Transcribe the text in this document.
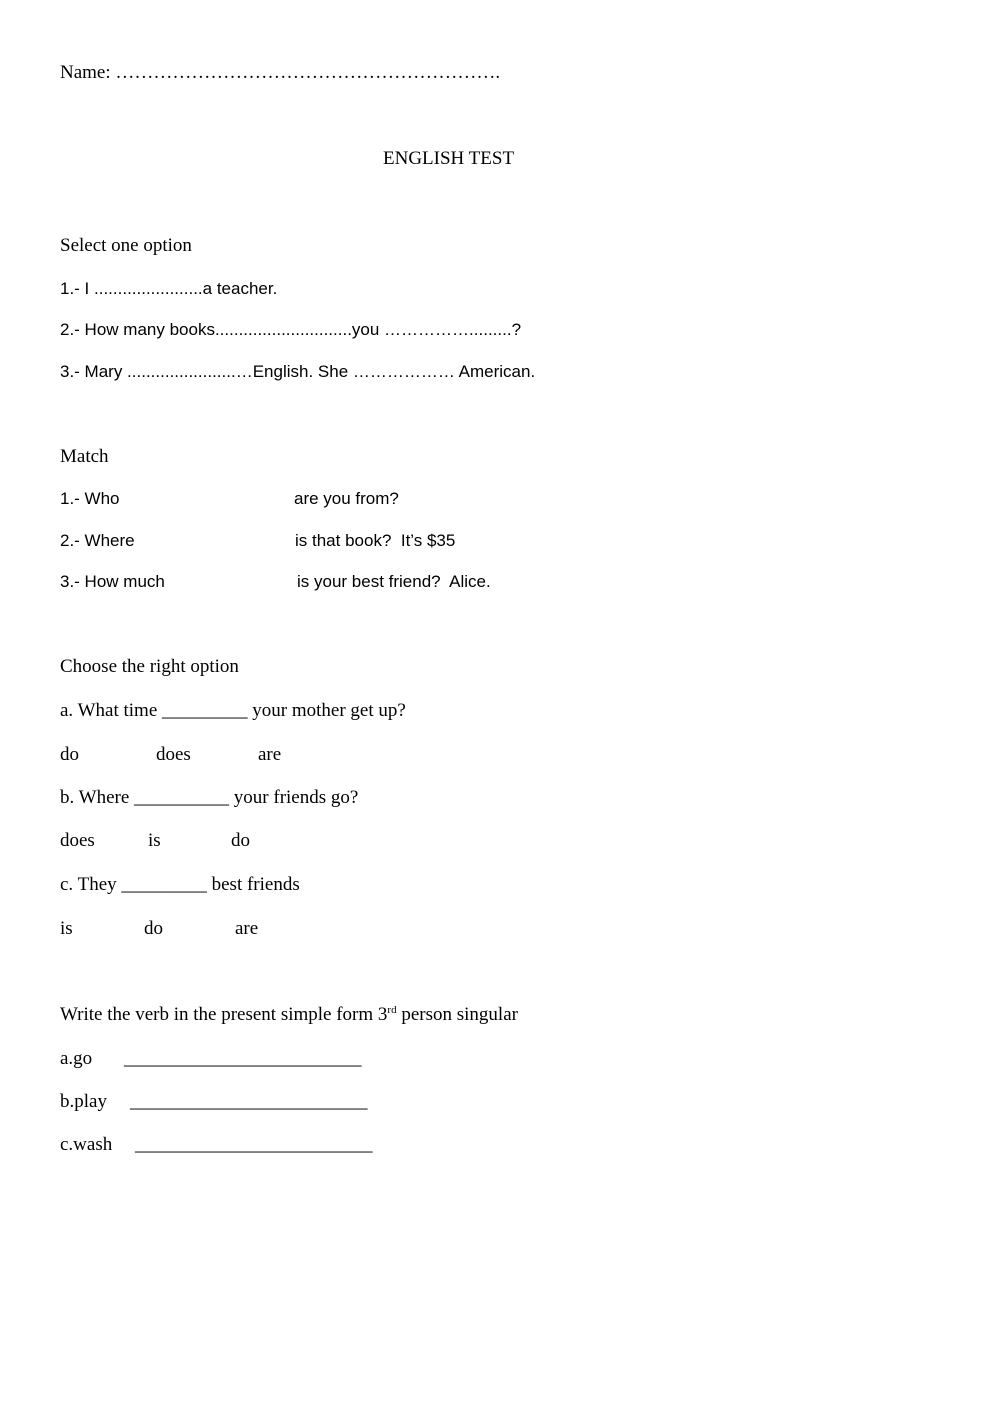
Name: …………………………………………………….
ENGLISH TEST
Select one option
1.- I .......................a teacher.
2.- How many books.............................you …………….........?
3.- Mary .......................…English. She ……………… American.
Match
1.- Who	are you from?
2.- Where	is that book?  It’s $35
3.- How much	is your best friend?  Alice.
Choose the right option
a. What time _________ your mother get up?
do	does	are
b. Where __________ your friends go?
does	is	do
c. They _________ best friends
is	do	are
Write the verb in the present simple form 3rd person singular
a.go _________________________
b.play _________________________
c.wash _________________________
